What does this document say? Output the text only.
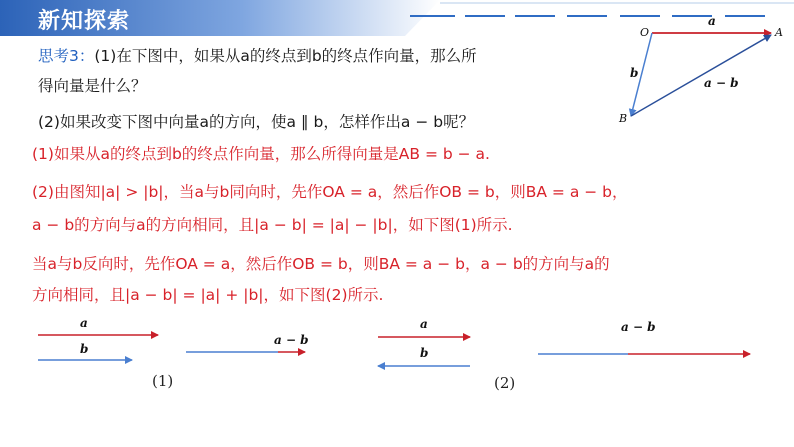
新知探索
思考3：(1)在下图中，如果从a的终点到b的终点作向量，那么所
得向量是什么？
(2)如果改变下图中向量a的方向，使a ∥ b，怎样作出a − b呢？
(1)如果从a的终点到b的终点作向量，那么所得向量是AB = b − a.
(2)由图知|a| > |b|，当a与b同向时，先作OA = a，然后作OB = b，则BA = a − b，
a − b的方向与a的方向相同，且|a − b| = |a| − |b|，如下图(1)所示.
当a与b反向时，先作OA = a，然后作OB = b，则BA = a − b，a − b的方向与a的
方向相同，且|a − b| = |a| + |b|，如下图(2)所示.
O	A
B
a
b
a − b
a
b
a − b
(1)
a
b
a − b
(2)
